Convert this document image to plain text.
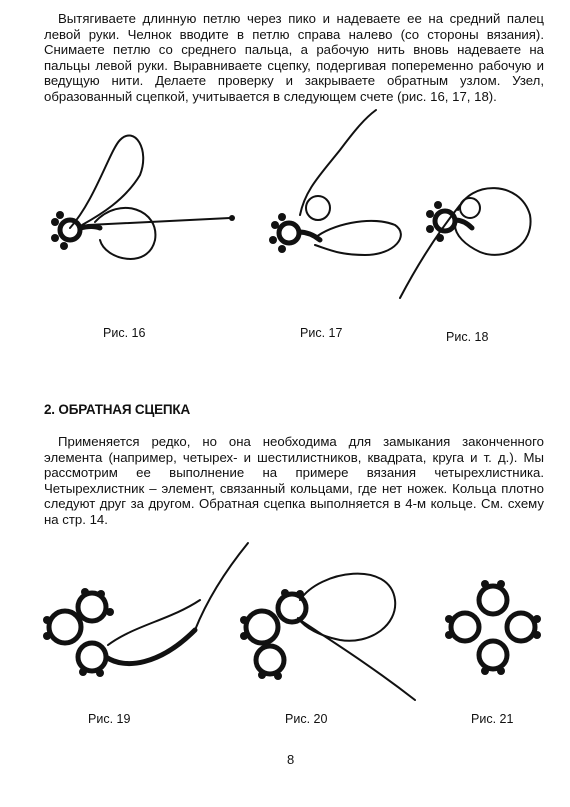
Вытягиваете длинную петлю через пико и надеваете ее на средний палец левой руки. Челнок вводите в петлю справа налево (со стороны вязания). Снимаете петлю со среднего пальца, а рабочую нить вновь надеваете на пальцы левой руки. Выравниваете сцепку, подергивая попеременно рабочую и ведущую нити. Делаете проверку и закрываете обратным узлом. Узел, образованный сцепкой, учитывается в следующем счете (рис. 16, 17, 18).
Рис. 16	Рис. 17	Рис. 18
2. ОБРАТНАЯ СЦЕПКА
Применяется редко, но она необходима для замыкания законченного элемента (например, четырех- и шестилистников, квадрата, круга и т. д.). Мы рассмотрим ее выполнение на примере вязания четырехлистника. Четырехлистник – элемент, связанный кольцами, где нет ножек. Кольца плотно следуют друг за другом. Обратная сцепка выполняется в 4-м кольце. См. схему на стр. 14.
Рис. 19	Рис. 20	Рис. 21
8
